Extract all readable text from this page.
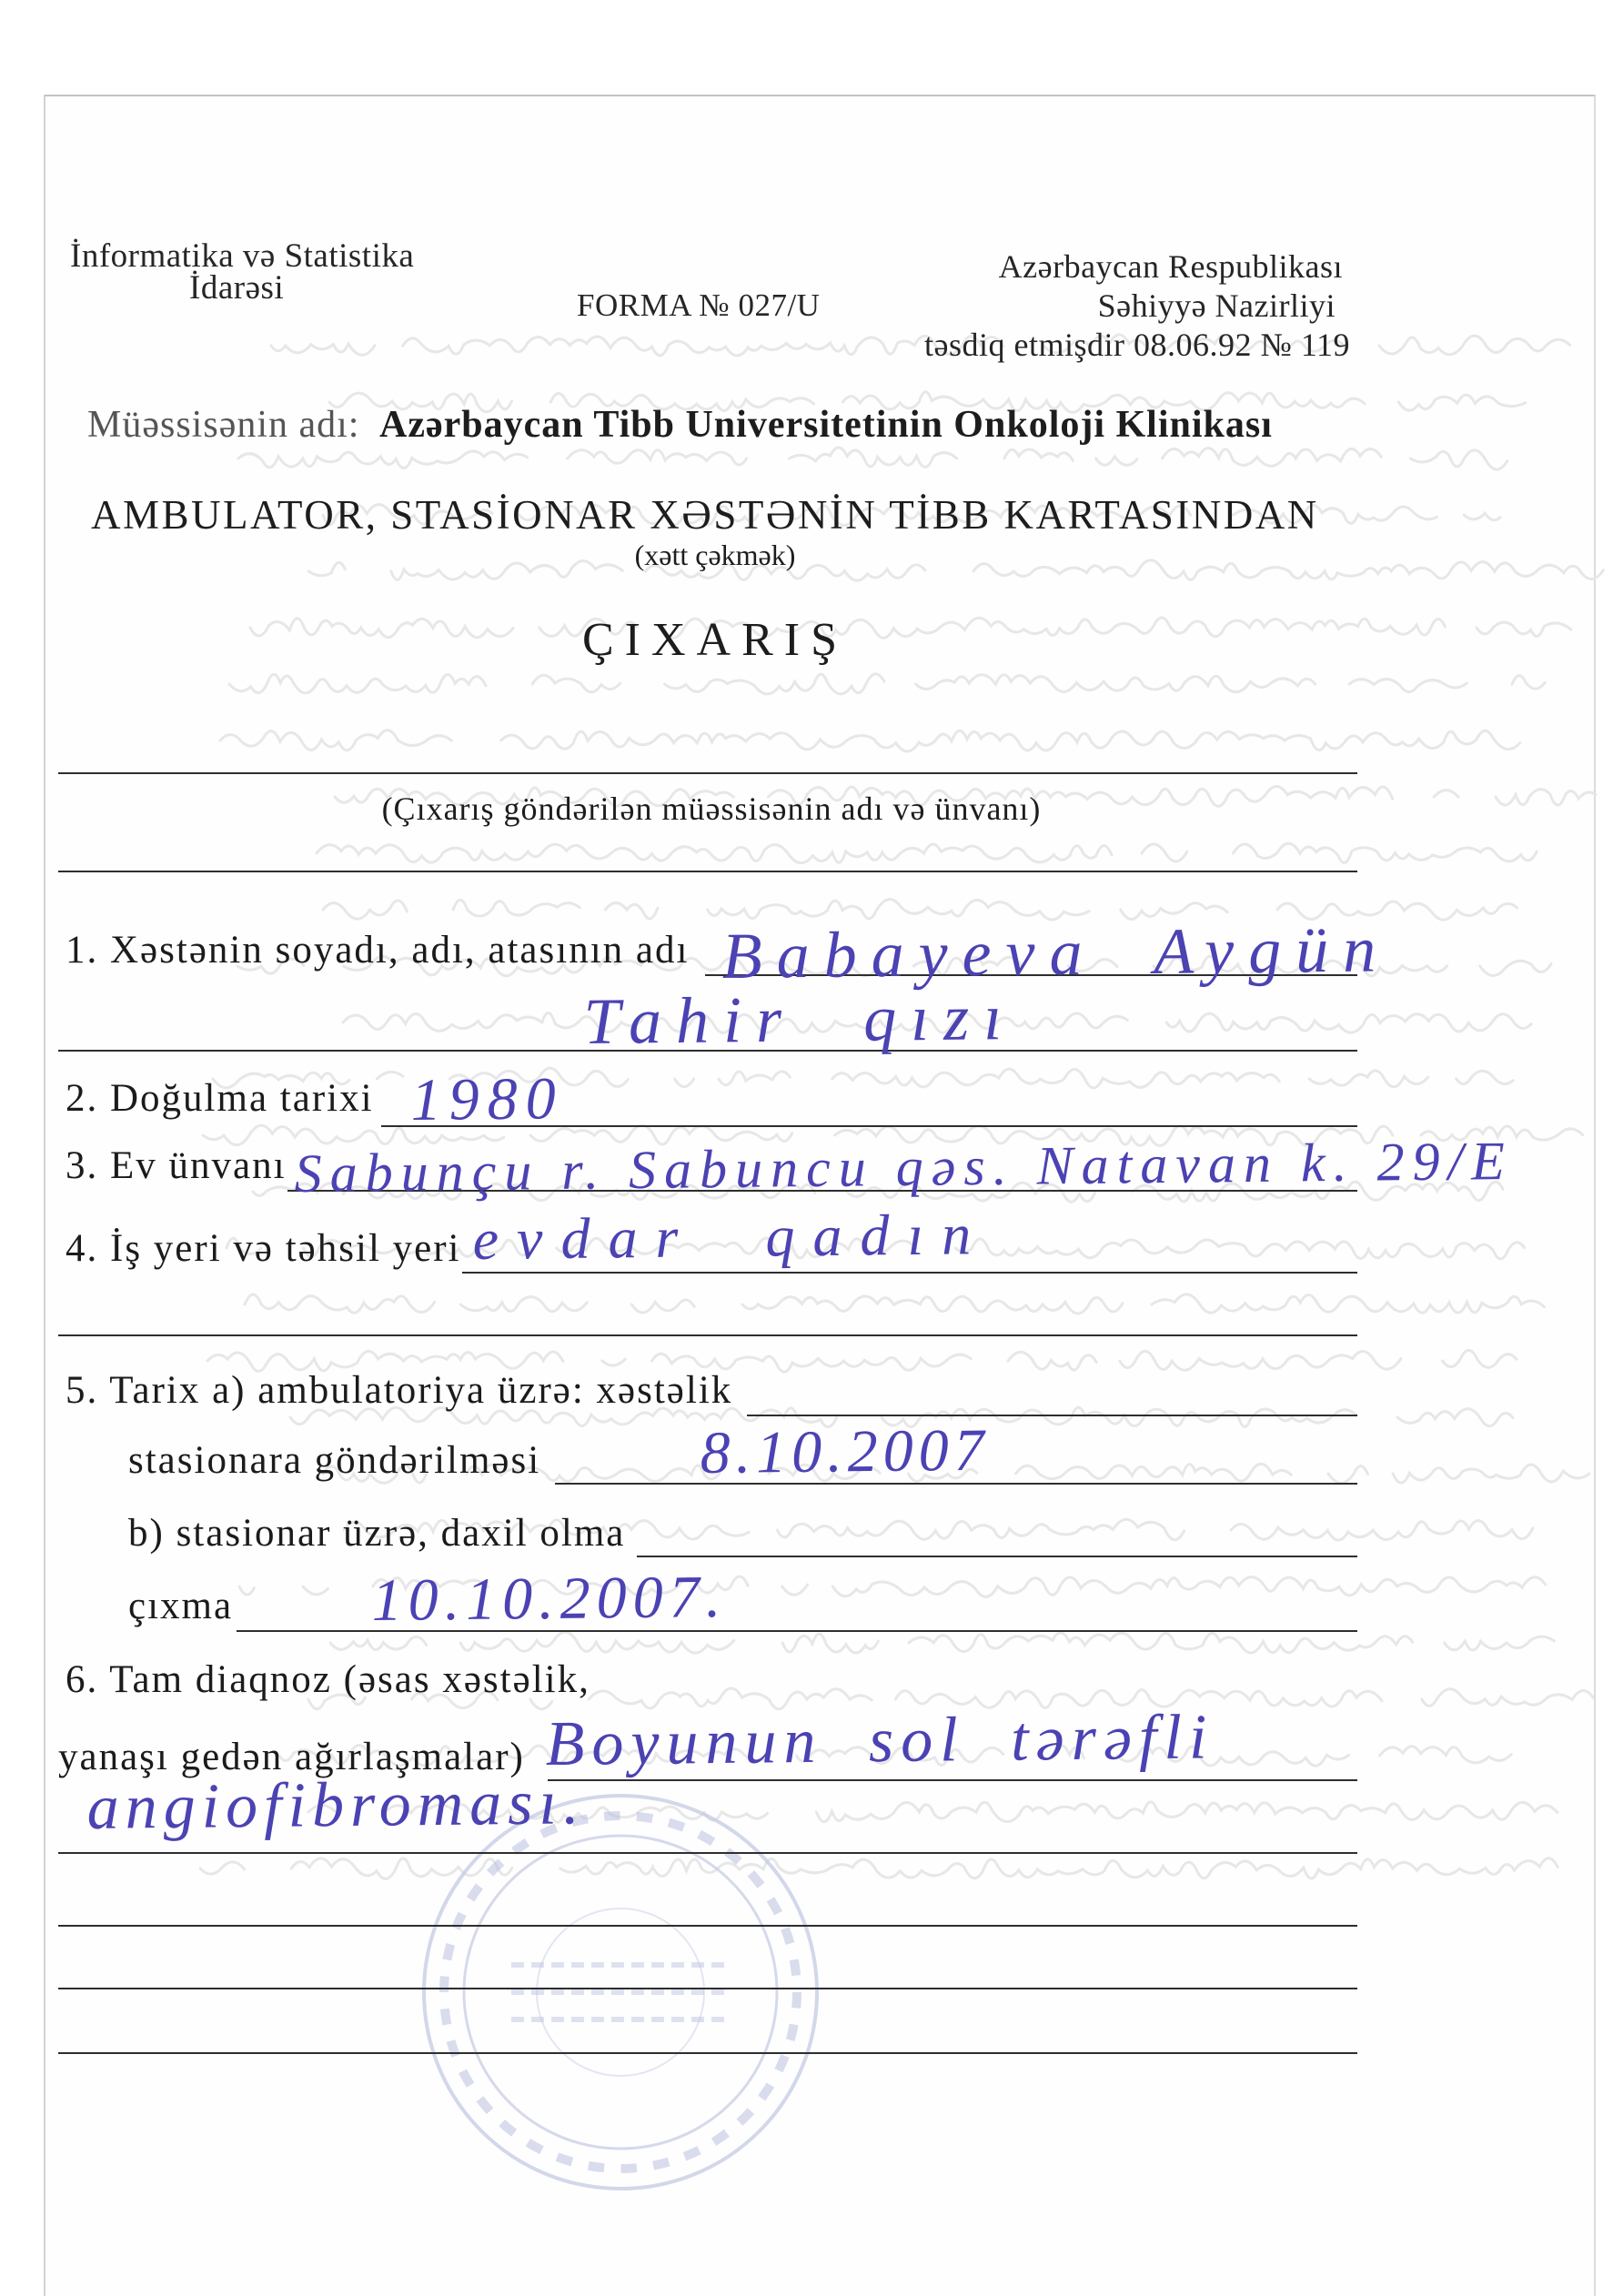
İnformatika və Statistika
İdarəsi	FORMA № 027/U
Azərbaycan Respublikası
Səhiyyə Nazirliyi
təsdiq etmişdir 08.06.92 № 119
Müəssisənin adı: Azərbaycan Tibb Universitetinin Onkoloji Klinikası
AMBULATOR, STASİONAR XƏSTƏNİN TİBB KARTASINDAN
(xətt çəkmək)
ÇIXARIŞ
(Çıxarış göndərilən müəssisənin adı və ünvanı)
1. Xəstənin soyadı, adı, atasının adı Babayeva Aygün
Tahir qızı
2. Doğulma tarixi 1980
3. Ev ünvanı Sabunçu r. Sabuncu qəs. Natavan k. 29/E
4. İş yeri və təhsil yeri evdar qadın
5. Tarix a) ambulatoriya üzrə: xəstəlik
stasionara göndərilməsi	8.10.2007
b) stasionar üzrə, daxil olma
çıxma 10.10.2007.
6. Tam diaqnoz (əsas xəstəlik,
yanaşı gedən ağırlaşmalar) Boyunun sol tərəfli
angiofibroması.
